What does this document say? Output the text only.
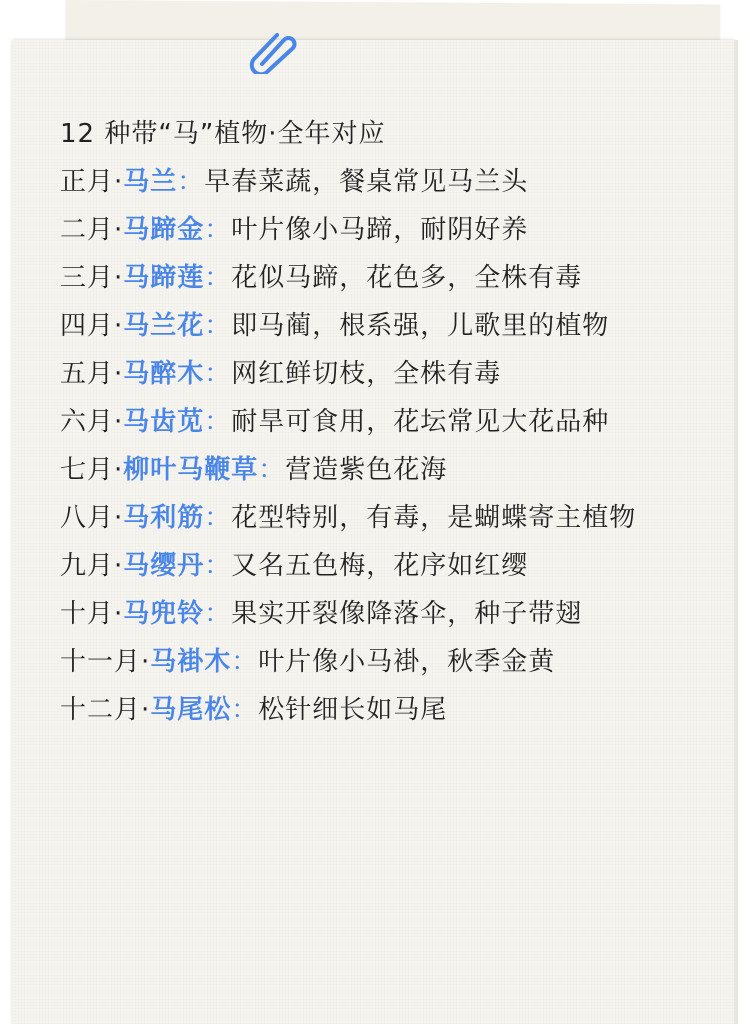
12 种带“马”植物·全年对应
正月·马兰：早春菜蔬，餐桌常见马兰头
二月·马蹄金：叶片像小马蹄，耐阴好养
三月·马蹄莲：花似马蹄，花色多，全株有毒
四月·马兰花：即马蔺，根系强，儿歌里的植物
五月·马醉木：网红鲜切枝，全株有毒
六月·马齿苋：耐旱可食用，花坛常见大花品种
七月·柳叶马鞭草：营造紫色花海
八月·马利筋：花型特别，有毒，是蝴蝶寄主植物
九月·马缨丹：又名五色梅，花序如红缨
十月·马兜铃：果实开裂像降落伞，种子带翅
十一月·马褂木：叶片像小马褂，秋季金黄
十二月·马尾松：松针细长如马尾
